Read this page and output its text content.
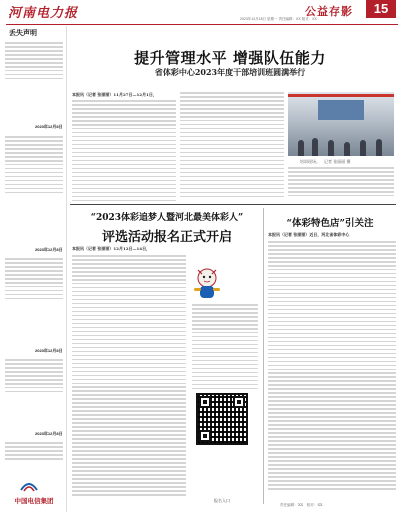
河南电力报	公益存影	15
2023年12月18日 星期一 责任编辑：XX 版式：XX
丢失声明
2023年12月8日
2023年12月8日
2023年12月8日
2023年12月8日
中国电信集团
提升管理水平 增强队伍能力
省体彩中心2023年度干部培训班圆满举行
本报讯（记者 张丽丽）11月27日—12月1日，
培训现场。　记者 张丽丽 摄
“2023体彩追梦人暨河北最美体彩人”
评选活动报名正式开启
本报讯（记者 张丽丽）12月12日—14日，
报名入口
“体彩特色店”引关注
本报讯（记者 张丽丽）近日，河北省体彩中心
责任编辑：XX　校对：XX
